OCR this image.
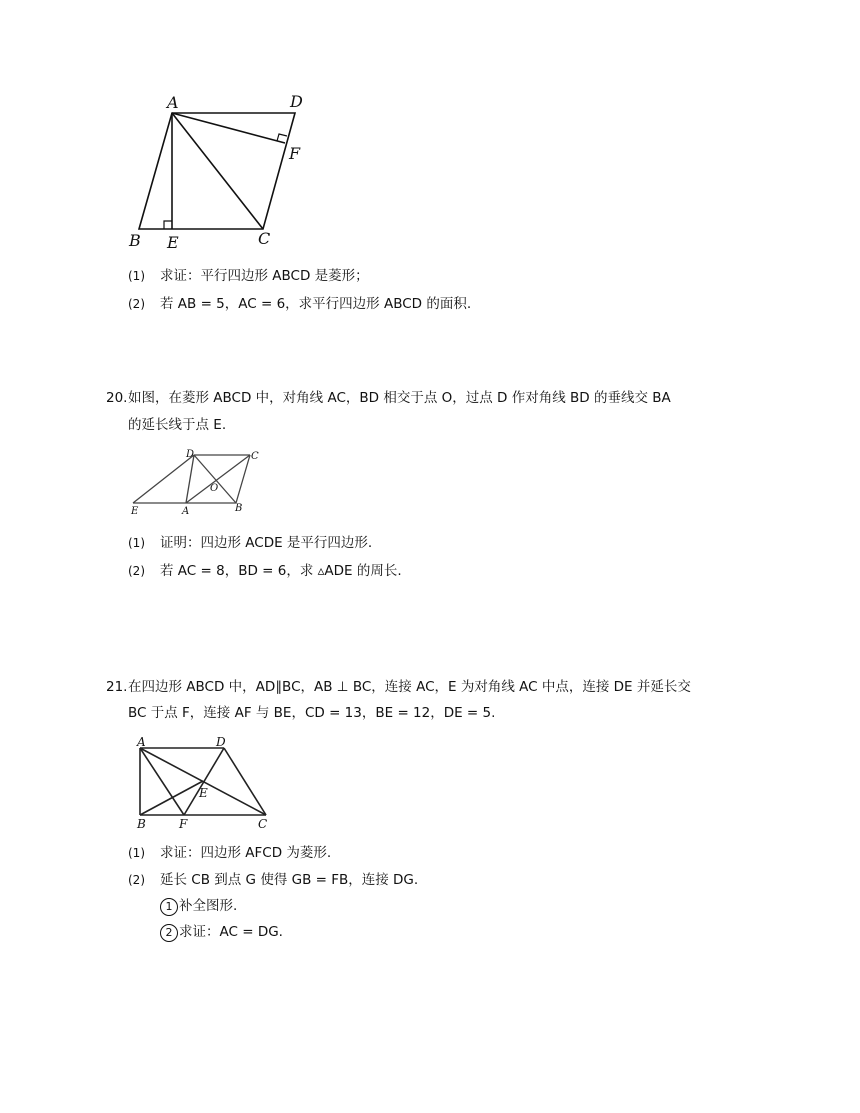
A	D
F
B E	C
(1) 求证：平行四边形 ABCD 是菱形；
(2) 若 AB = 5，AC = 6，求平行四边形 ABCD 的面积.
20. 如图，在菱形 ABCD 中，对角线 AC，BD 相交于点 O，过点 D 作对角线 BD 的垂线交 BA
的延长线于点 E.
D	C
O
E	A	B
(1) 证明：四边形 ACDE 是平行四边形.
(2) 若 AC = 8，BD = 6，求 ▵ADE 的周长.
21. 在四边形 ABCD 中，AD∥BC，AB ⊥ BC，连接 AC，E 为对角线 AC 中点，连接 DE 并延长交
BC 于点 F，连接 AF 与 BE，CD = 13，BE = 12，DE = 5.
A	D
E
B	F	C
(1) 求证：四边形 AFCD 为菱形.
(2) 延长 CB 到点 G 使得 GB = FB，连接 DG.
1 补全图形.
2 求证：AC = DG.
